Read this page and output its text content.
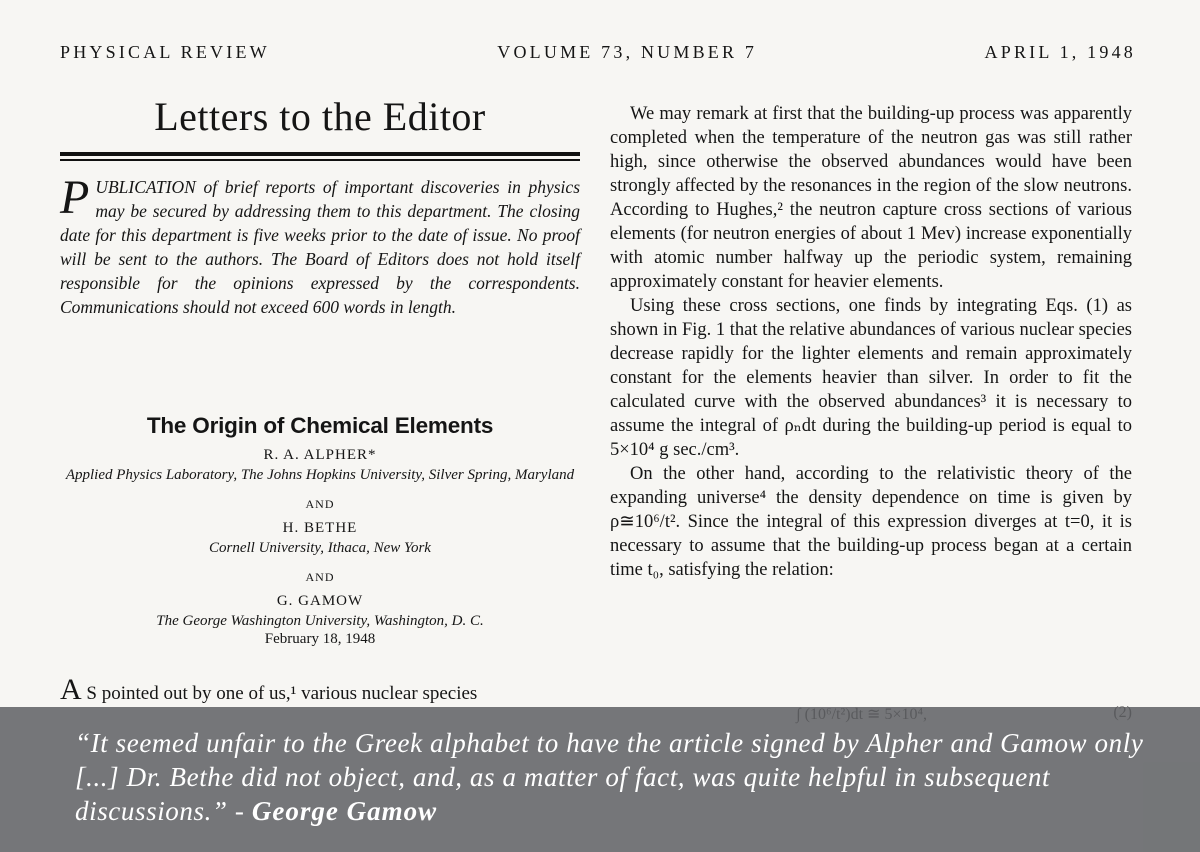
PHYSICAL REVIEW	VOLUME 73, NUMBER 7	APRIL 1, 1948
Letters to the Editor
PUBLICATION of brief reports of important discoveries in physics may be secured by addressing them to this department. The closing date for this department is five weeks prior to the date of issue. No proof will be sent to the authors. The Board of Editors does not hold itself responsible for the opinions expressed by the correspondents. Communications should not exceed 600 words in length.
The Origin of Chemical Elements
R. A. ALPHER*
Applied Physics Laboratory, The Johns Hopkins University, Silver Spring, Maryland
AND
H. BETHE
Cornell University, Ithaca, New York
AND
G. GAMOW
The George Washington University, Washington, D. C.
February 18, 1948
A S pointed out by one of us,¹ various nuclear species

We may remark at first that the building-up process was apparently completed when the temperature of the neutron gas was still rather high, since otherwise the observed abundances would have been strongly affected by the resonances in the region of the slow neutrons. According to Hughes,² the neutron capture cross sections of various elements (for neutron energies of about 1 Mev) increase exponentially with atomic number halfway up the periodic system, remaining approximately constant for heavier elements.

Using these cross sections, one finds by integrating Eqs. (1) as shown in Fig. 1 that the relative abundances of various nuclear species decrease rapidly for the lighter elements and remain approximately constant for the elements heavier than silver. In order to fit the calculated curve with the observed abundances³ it is necessary to assume the integral of ρₙdt during the building-up period is equal to 5×10⁴ g sec./cm³.

On the other hand, according to the relativistic theory of the expanding universe⁴ the density dependence on time is given by ρ≅10⁶/t². Since the integral of this expression diverges at t=0, it is necessary to assume that the building-up process began at a certain time t₀, satisfying the relation:

“It seemed unfair to the Greek alphabet to have the article signed by Alpher and Gamow only [...] Dr. Bethe did not object, and, as a matter of fact, was quite helpful in subsequent discussions.” - George Gamow
